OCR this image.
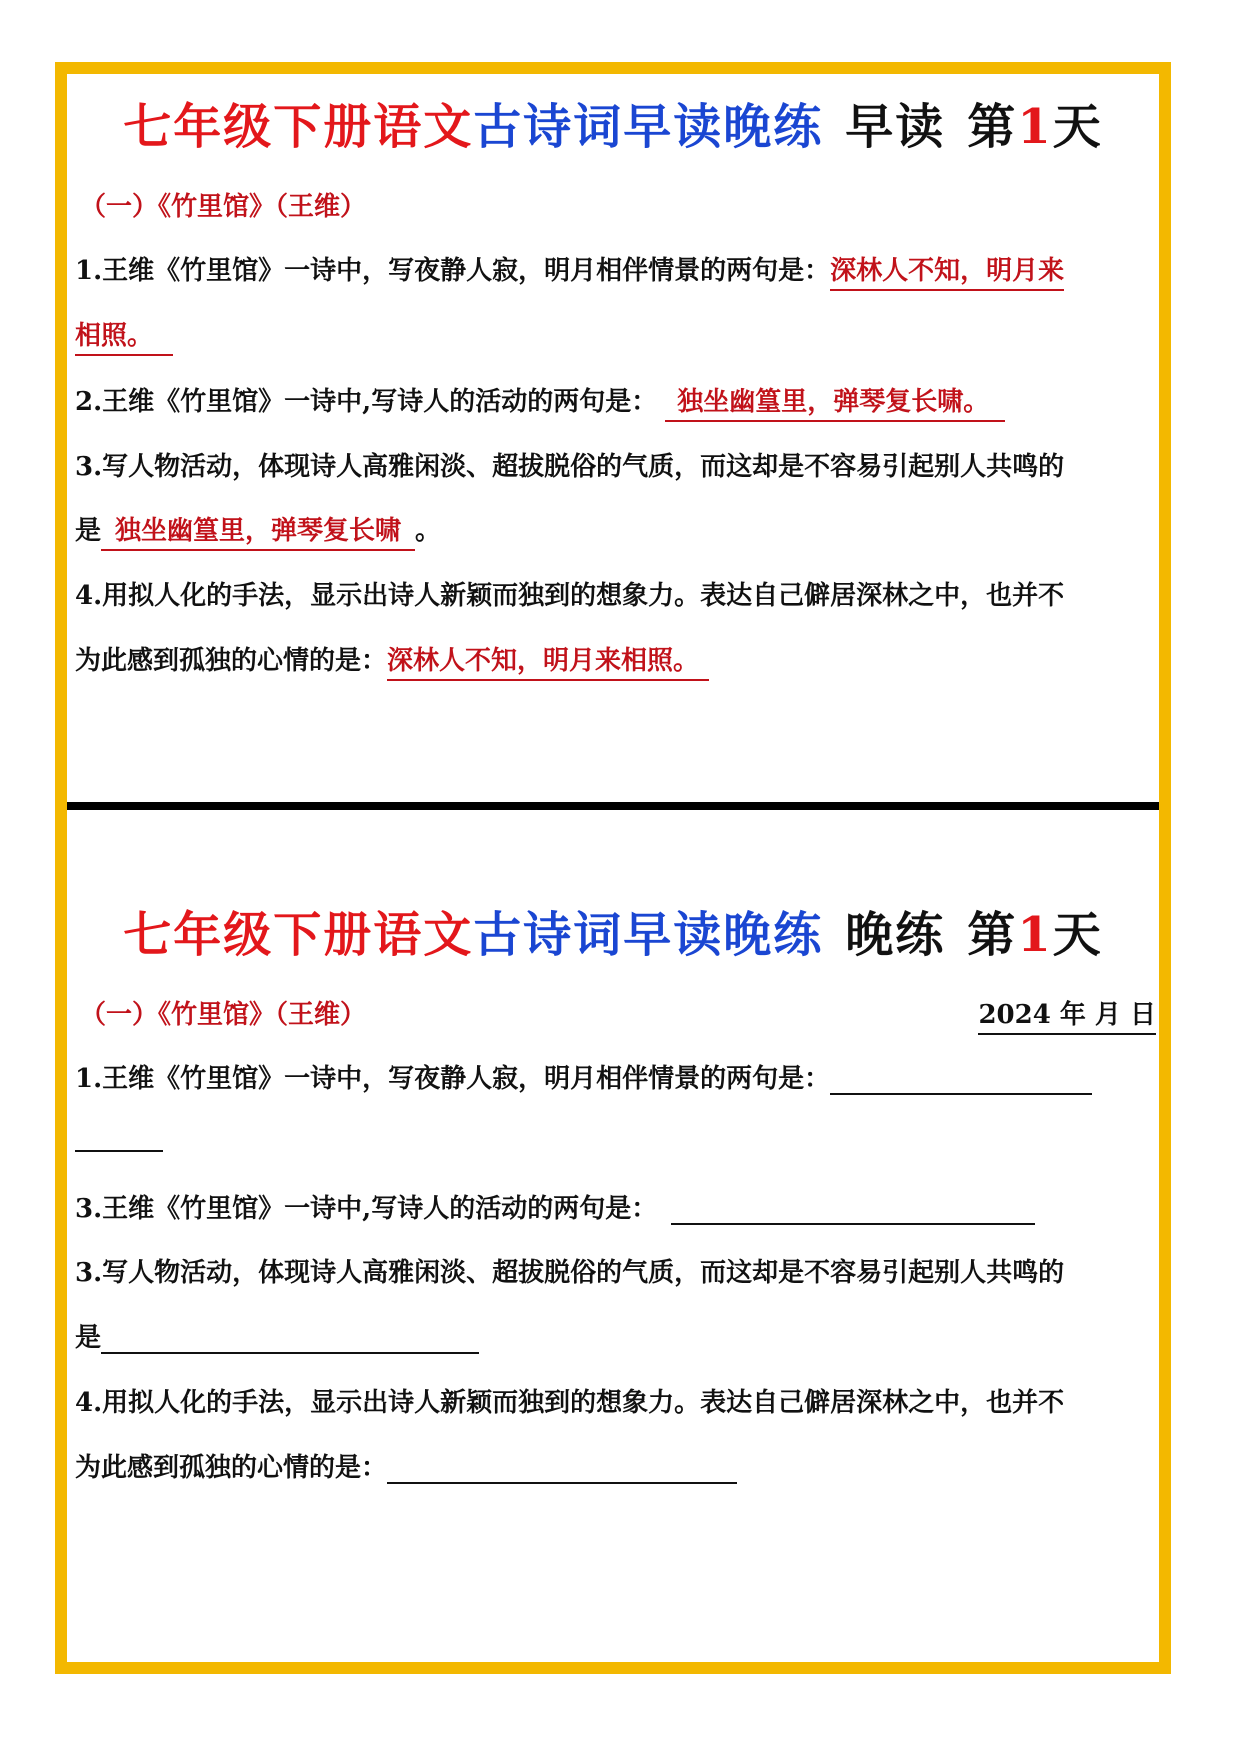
七年级下册语文古诗词早读晚练 早读 第1天
（一）《竹里馆》（王维）
1.王维《竹里馆》一诗中，写夜静人寂，明月相伴情景的两句是：深林人不知，明月来
相照。
2.王维《竹里馆》一诗中,写诗人的活动的两句是：独坐幽篁里，弹琴复长啸。
3.写人物活动，体现诗人高雅闲淡、超拔脱俗的气质，而这却是不容易引起别人共鸣的
是独坐幽篁里，弹琴复长啸。
4.用拟人化的手法，显示出诗人新颖而独到的想象力。表达自己僻居深林之中，也并不
为此感到孤独的心情的是：深林人不知，明月来相照。
七年级下册语文古诗词早读晚练 晚练 第1天
（一）《竹里馆》（王维）	2024 年 月 日
1.王维《竹里馆》一诗中，写夜静人寂，明月相伴情景的两句是：
3.王维《竹里馆》一诗中,写诗人的活动的两句是：
3.写人物活动，体现诗人高雅闲淡、超拔脱俗的气质，而这却是不容易引起别人共鸣的
是
4.用拟人化的手法，显示出诗人新颖而独到的想象力。表达自己僻居深林之中，也并不
为此感到孤独的心情的是：
